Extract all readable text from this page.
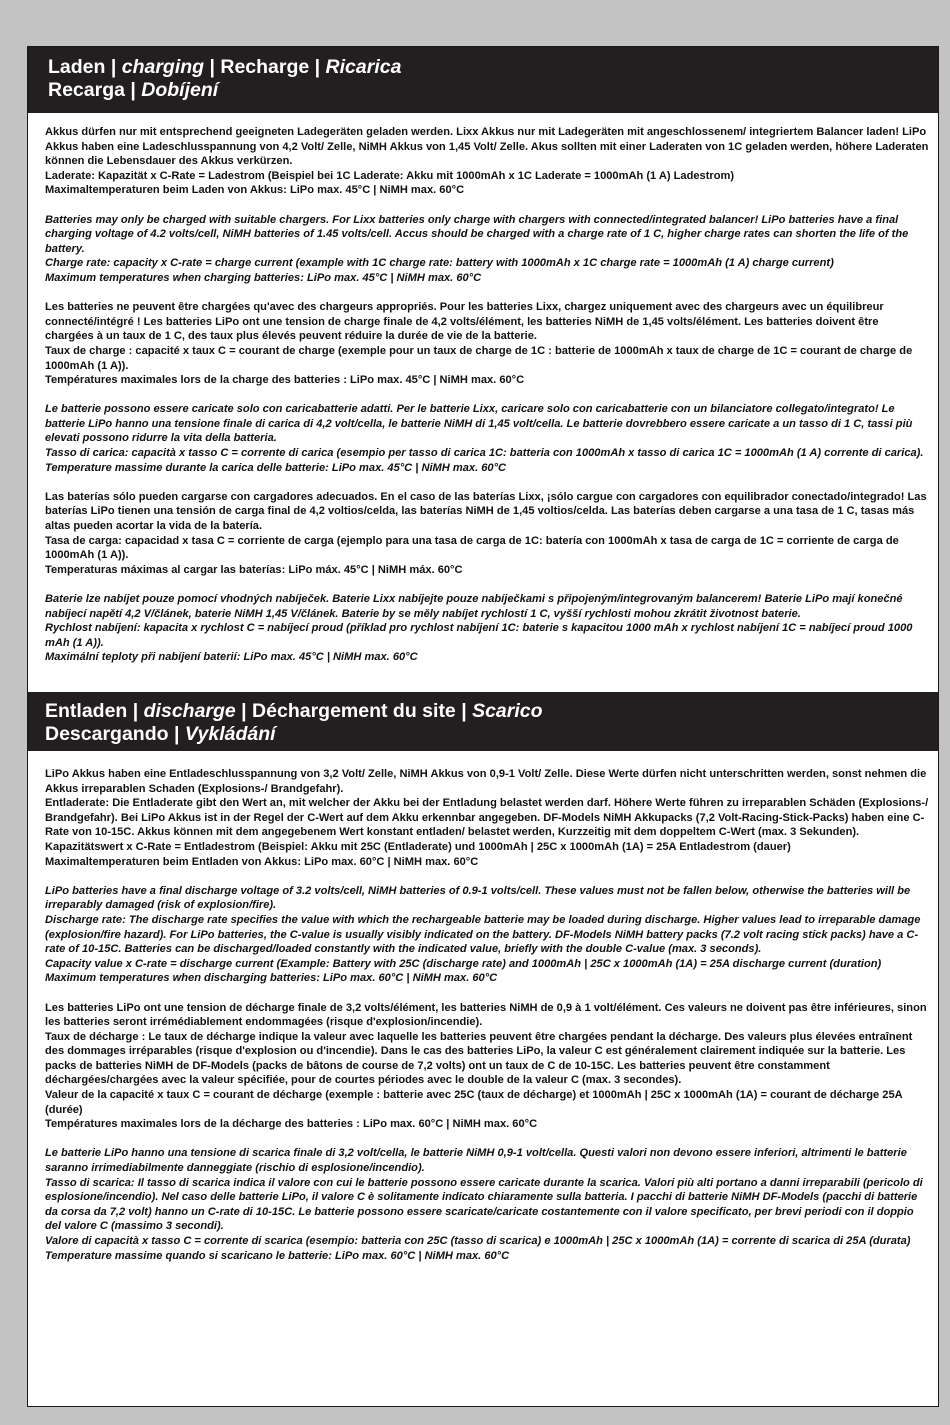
Laden | charging | Recharge | Ricarica
Recarga | Dobíjení
Akkus dürfen nur mit entsprechend geeigneten Ladegeräten geladen werden. Lixx Akkus nur mit Ladegeräten mit angeschlossenem/ integriertem Balancer laden! LiPo Akkus haben eine Ladeschlusspannung von 4,2 Volt/ Zelle, NiMH Akkus von 1,45 Volt/ Zelle. Akus sollten mit einer Laderaten von 1C geladen werden, höhere Laderaten können die Lebensdauer des Akkus verkürzen.
Laderate: Kapazität x C-Rate = Ladestrom (Beispiel bei 1C Laderate: Akku mit 1000mAh x 1C Laderate = 1000mAh (1 A) Ladestrom)
Maximaltemperaturen beim Laden von Akkus: LiPo max. 45°C | NiMH max. 60°C
Batteries may only be charged with suitable chargers. For Lixx batteries only charge with chargers with connected/integrated balancer! LiPo batteries have a final charging voltage of 4.2 volts/cell, NiMH batteries of 1.45 volts/cell. Accus should be charged with a charge rate of 1 C, higher charge rates can shorten the life of the battery.
Charge rate: capacity x C-rate = charge current (example with 1C charge rate: battery with 1000mAh x 1C charge rate = 1000mAh (1 A) charge current)
Maximum temperatures when charging batteries: LiPo max. 45°C | NiMH max. 60°C
Les batteries ne peuvent être chargées qu'avec des chargeurs appropriés. Pour les batteries Lixx, chargez uniquement avec des chargeurs avec un équilibreur connecté/intégré ! Les batteries LiPo ont une tension de charge finale de 4,2 volts/élément, les batteries NiMH de 1,45 volts/élément. Les batteries doivent être chargées à un taux de 1 C, des taux plus élevés peuvent réduire la durée de vie de la batterie.
Taux de charge : capacité x taux C = courant de charge (exemple pour un taux de charge de 1C : batterie de 1000mAh x taux de charge de 1C = courant de charge de 1000mAh (1 A)).
Températures maximales lors de la charge des batteries : LiPo max. 45°C | NiMH max. 60°C
Le batterie possono essere caricate solo con caricabatterie adatti. Per le batterie Lixx, caricare solo con caricabatterie con un bilanciatore collegato/integrato! Le batterie LiPo hanno una tensione finale di carica di 4,2 volt/cella, le batterie NiMH di 1,45 volt/cella. Le batterie dovrebbero essere caricate a un tasso di 1 C, tassi più elevati possono ridurre la vita della batteria.
Tasso di carica: capacità x tasso C = corrente di carica (esempio per tasso di carica 1C: batteria con 1000mAh x tasso di carica 1C = 1000mAh (1 A) corrente di carica).
Temperature massime durante la carica delle batterie: LiPo max. 45°C | NiMH max. 60°C
Las baterías sólo pueden cargarse con cargadores adecuados. En el caso de las baterías Lixx, ¡sólo cargue con cargadores con equilibrador conectado/integrado! Las baterías LiPo tienen una tensión de carga final de 4,2 voltios/celda, las baterías NiMH de 1,45 voltios/celda. Las baterías deben cargarse a una tasa de 1 C, tasas más altas pueden acortar la vida de la batería.
Tasa de carga: capacidad x tasa C = corriente de carga (ejemplo para una tasa de carga de 1C: batería con 1000mAh x tasa de carga de 1C = corriente de carga de 1000mAh (1 A)).
Temperaturas máximas al cargar las baterías: LiPo máx. 45°C | NiMH máx. 60°C
Baterie lze nabíjet pouze pomocí vhodných nabíječek. Baterie Lixx nabíjejte pouze nabíječkami s připojeným/integrovaným balancerem! Baterie LiPo mají konečné nabíjecí napětí 4,2 V/článek, baterie NiMH 1,45 V/článek. Baterie by se měly nabíjet rychlostí 1 C, vyšší rychlosti mohou zkrátit životnost baterie.
Rychlost nabíjení: kapacita x rychlost C = nabíjecí proud (příklad pro rychlost nabíjení 1C: baterie s kapacitou 1000 mAh x rychlost nabíjení 1C = nabíjecí proud 1000 mAh (1 A)).
Maximální teploty při nabíjení baterií: LiPo max. 45°C | NiMH max. 60°C
Entladen | discharge | Déchargement du site | Scarico
Descargando | Vykládání
LiPo Akkus haben eine Entladeschlusspannung von 3,2 Volt/ Zelle, NiMH Akkus von 0,9-1 Volt/ Zelle. Diese Werte dürfen nicht unterschritten werden, sonst nehmen die Akkus irreparablen Schaden (Explosions-/ Brandgefahr).
Entladerate: Die Entladerate gibt den Wert an, mit welcher der Akku bei der Entladung belastet werden darf. Höhere Werte führen zu irreparablen Schäden (Explosions-/ Brandgefahr). Bei LiPo Akkus ist in der Regel der C-Wert auf dem Akku erkennbar angegeben. DF-Models NiMH Akkupacks (7,2 Volt-Racing-Stick-Packs) haben eine C-Rate von 10-15C. Akkus können mit dem angegebenem Wert konstant entladen/ belastet werden, Kurzzeitig mit dem doppeltem C-Wert (max. 3 Sekunden).
Kapazitätswert x C-Rate = Entladestrom (Beispiel: Akku mit 25C (Entladerate) und 1000mAh | 25C x 1000mAh (1A) = 25A Entladestrom (dauer)
Maximaltemperaturen beim Entladen von Akkus: LiPo max. 60°C | NiMH max. 60°C
LiPo batteries have a final discharge voltage of 3.2 volts/cell, NiMH batteries of 0.9-1 volts/cell. These values must not be fallen below, otherwise the batteries will be irreparably damaged (risk of explosion/fire).
Discharge rate: The discharge rate specifies the value with which the rechargeable batterie may be loaded during discharge. Higher values lead to irreparable damage (explosion/fire hazard). For LiPo batteries, the C-value is usually visibly indicated on the battery. DF-Models NiMH battery packs (7.2 volt racing stick packs) have a C-rate of 10-15C. Batteries can be discharged/loaded constantly with the indicated value, briefly with the double C-value (max. 3 seconds).
Capacity value x C-rate = discharge current (Example: Battery with 25C (discharge rate) and 1000mAh | 25C x 1000mAh (1A) = 25A discharge current (duration)
Maximum temperatures when discharging batteries: LiPo max. 60°C | NiMH max. 60°C
Les batteries LiPo ont une tension de décharge finale de 3,2 volts/élément, les batteries NiMH de 0,9 à 1 volt/élément. Ces valeurs ne doivent pas être inférieures, sinon les batteries seront irrémédiablement endommagées (risque d'explosion/incendie).
Taux de décharge : Le taux de décharge indique la valeur avec laquelle les batteries peuvent être chargées pendant la décharge. Des valeurs plus élevées entraînent des dommages irréparables (risque d'explosion ou d'incendie). Dans le cas des batteries LiPo, la valeur C est généralement clairement indiquée sur la batterie. Les packs de batteries NiMH de DF-Models (packs de bâtons de course de 7,2 volts) ont un taux de C de 10-15C. Les batteries peuvent être constamment déchargées/chargées avec la valeur spécifiée, pour de courtes périodes avec le double de la valeur C (max. 3 secondes).
Valeur de la capacité x taux C = courant de décharge (exemple : batterie avec 25C (taux de décharge) et 1000mAh | 25C x 1000mAh (1A) = courant de décharge 25A (durée)
Températures maximales lors de la décharge des batteries : LiPo max. 60°C | NiMH max. 60°C
Le batterie LiPo hanno una tensione di scarica finale di 3,2 volt/cella, le batterie NiMH 0,9-1 volt/cella. Questi valori non devono essere inferiori, altrimenti le batterie saranno irrimediabilmente danneggiate (rischio di esplosione/incendio).
Tasso di scarica: Il tasso di scarica indica il valore con cui le batterie possono essere caricate durante la scarica. Valori più alti portano a danni irreparabili (pericolo di esplosione/incendio). Nel caso delle batterie LiPo, il valore C è solitamente indicato chiaramente sulla batteria. I pacchi di batterie NiMH DF-Models (pacchi di batterie da corsa da 7,2 volt) hanno un C-rate di 10-15C. Le batterie possono essere scaricate/caricate costantemente con il valore specificato, per brevi periodi con il doppio del valore C (massimo 3 secondi).
Valore di capacità x tasso C = corrente di scarica (esempio: batteria con 25C (tasso di scarica) e 1000mAh | 25C x 1000mAh (1A) = corrente di scarica di 25A (durata)
Temperature massime quando si scaricano le batterie: LiPo max. 60°C | NiMH max. 60°C
